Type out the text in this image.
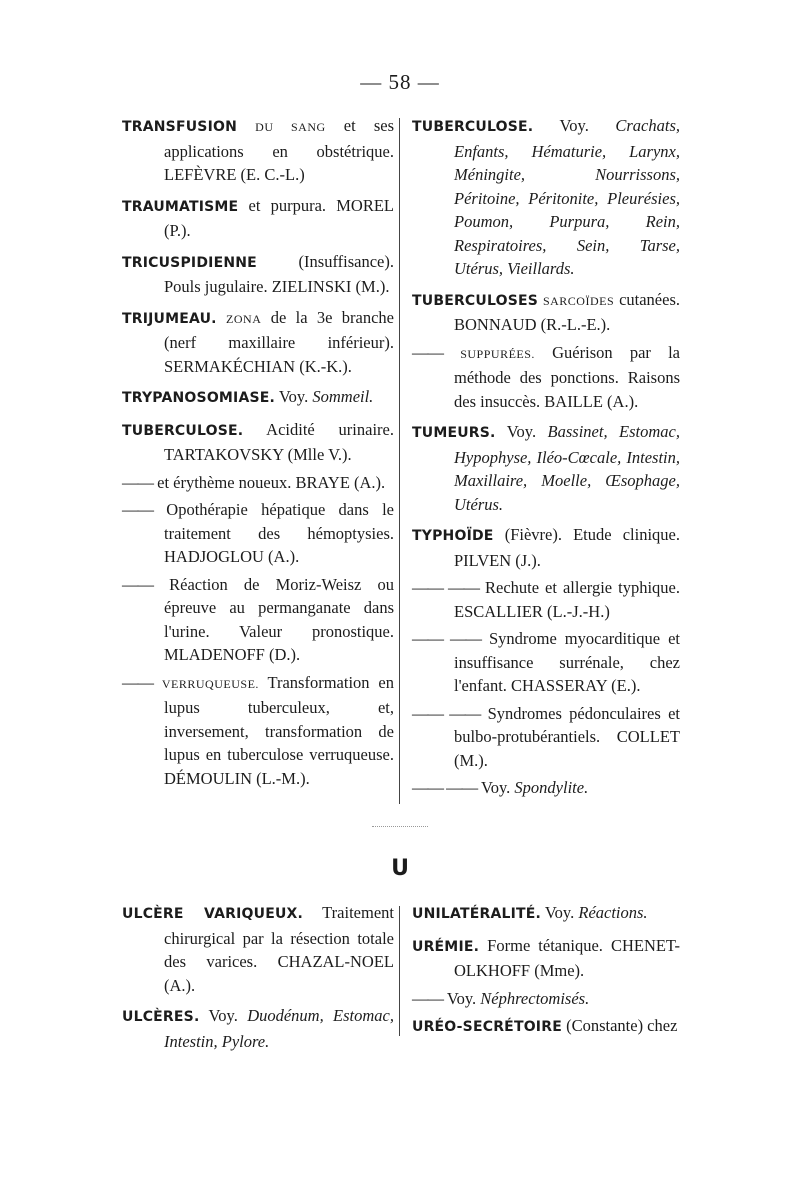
— 58 —

TRANSFUSION DU SANG et ses applications en obstétrique. LEFÈVRE (E. C.-L.)

TRAUMATISME et purpura. MOREL (P.).

TRICUSPIDIENNE (Insuffisance). Pouls jugulaire. ZIELINSKI (M.).

TRIJUMEAU. ZONA de la 3e branche (nerf maxillaire inférieur). SERMAKÉCHIAN (K.-K.).

TRYPANOSOMIASE. Voy. Sommeil.

TUBERCULOSE. Acidité urinaire. TARTAKOVSKY (Mlle V.).

—— et érythème noueux. BRAYE (A.).

—— Opothérapie hépatique dans le traitement des hémoptysies. HADJOGLOU (A.).

—— Réaction de Moriz-Weisz ou épreuve au permanganate dans l'urine. Valeur pronostique. MLADENOFF (D.).

—— VERRUQUEUSE. Transformation en lupus tuberculeux, et, inversement, transformation de lupus en tuberculose verruqueuse. DÉMOULIN (L.-M.).

TUBERCULOSE. Voy. Crachats, Enfants, Hématurie, Larynx, Méningite, Nourrissons, Péritoine, Péritonite, Pleurésies, Poumon, Purpura, Rein, Respiratoires, Sein, Tarse, Utérus, Vieillards.

TUBERCULOSES SARCOÏDES cutanées. BONNAUD (R.-L.-E.).

—— SUPPURÉES. Guérison par la méthode des ponctions. Raisons des insuccès. BAILLE (A.).

TUMEURS. Voy. Bassinet, Estomac, Hypophyse, Iléo-Cœcale, Intestin, Maxillaire, Moelle, Œsophage, Utérus.

TYPHOÏDE (Fièvre). Etude clinique. PILVEN (J.).

—— —— Rechute et allergie typhique. ESCALLIER (L.-J.-H.)

—— —— Syndrome myocarditique et insuffisance surrénale, chez l'enfant. CHASSERAY (E.).

—— —— Syndromes pédonculaires et bulbo-protubérantiels. COLLET (M.).

—— —— Voy. Spondylite.

U

ULCÈRE VARIQUEUX. Traitement chirurgical par la résection totale des varices. CHAZAL-NOEL (A.).

ULCÈRES. Voy. Duodénum, Estomac, Intestin, Pylore.

UNILATÉRALITÉ. Voy. Réactions.

URÉMIE. Forme tétanique. CHENET-OLKHOFF (Mme).

—— Voy. Néphrectomisés.

URÉO-SECRÉTOIRE (Constante) chez
